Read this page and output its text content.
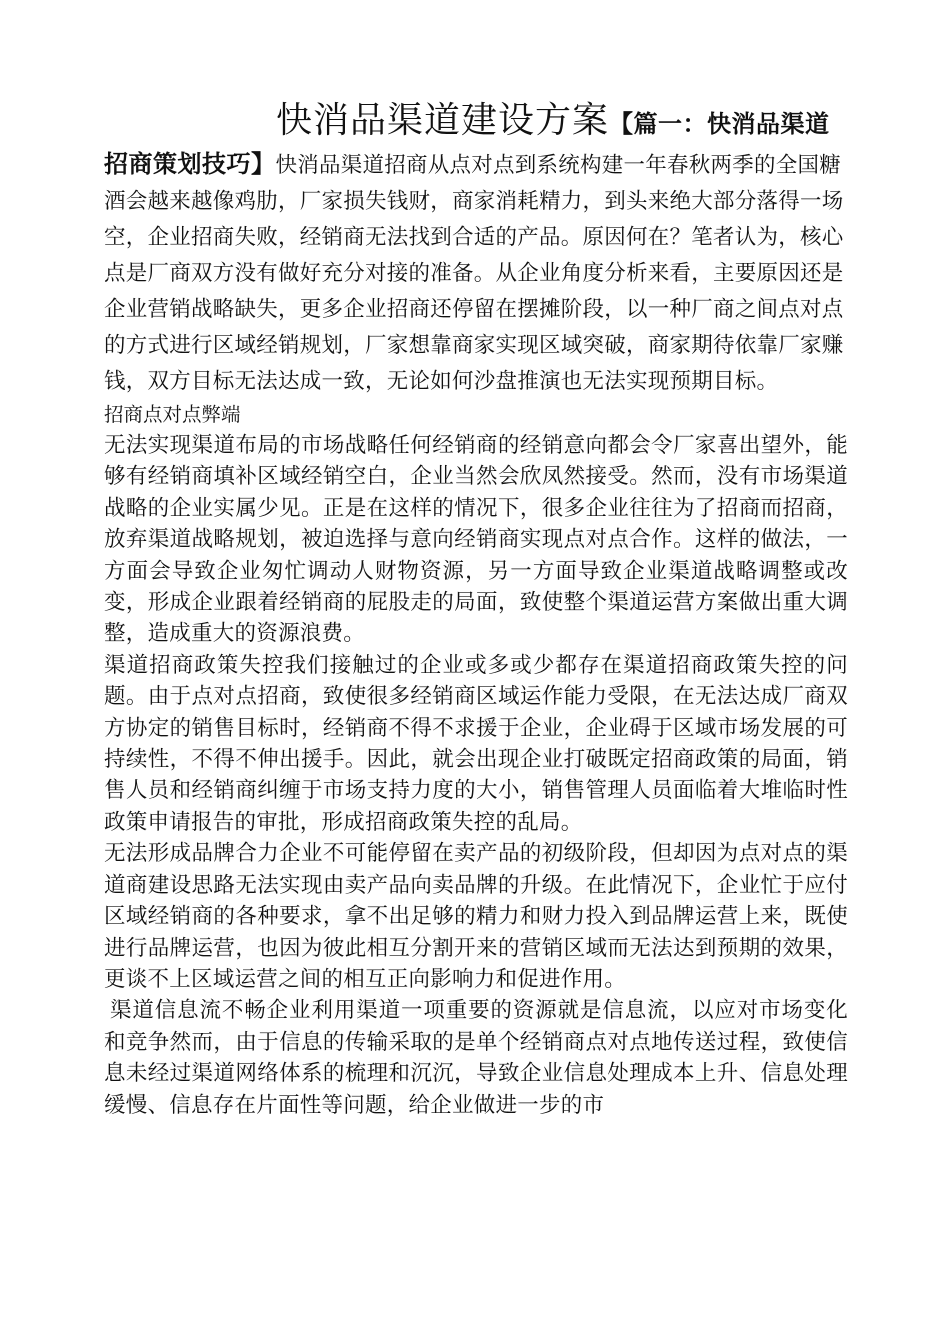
快消品渠道建设方案【篇一：快消品渠道招商策划技巧】快消品渠道招商从点对点到系统构建一年春秋两季的全国糖酒会越来越像鸡肋，厂家损失钱财，商家消耗精力，到头来绝大部分落得一场空，企业招商失败，经销商无法找到合适的产品。原因何在？笔者认为，核心点是厂商双方没有做好充分对接的准备。从企业角度分析来看，主要原因还是企业营销战略缺失，更多企业招商还停留在摆摊阶段，以一种厂商之间点对点的方式进行区域经销规划，厂家想靠商家实现区域突破，商家期待依靠厂家赚钱，双方目标无法达成一致，无论如何沙盘推演也无法实现预期目标。

招商点对点弊端

无法实现渠道布局的市场战略任何经销商的经销意向都会令厂家喜出望外，能够有经销商填补区域经销空白，企业当然会欣凤然接受。然而，没有市场渠道战略的企业实属少见。正是在这样的情况下，很多企业往往为了招商而招商，放弃渠道战略规划，被迫选择与意向经销商实现点对点合作。这样的做法，一方面会导致企业匆忙调动人财物资源，另一方面导致企业渠道战略调整或改变，形成企业跟着经销商的屁股走的局面，致使整个渠道运营方案做出重大调整，造成重大的资源浪费。

渠道招商政策失控我们接触过的企业或多或少都存在渠道招商政策失控的问题。由于点对点招商，致使很多经销商区域运作能力受限，在无法达成厂商双方协定的销售目标时，经销商不得不求援于企业，企业碍于区域市场发展的可持续性，不得不伸出援手。因此，就会出现企业打破既定招商政策的局面，销售人员和经销商纠缠于市场支持力度的大小，销售管理人员面临着大堆临时性政策申请报告的审批，形成招商政策失控的乱局。

无法形成品牌合力企业不可能停留在卖产品的初级阶段，但却因为点对点的渠道商建设思路无法实现由卖产品向卖品牌的升级。在此情况下，企业忙于应付区域经销商的各种要求，拿不出足够的精力和财力投入到品牌运营上来，既使进行品牌运营，也因为彼此相互分割开来的营销区域而无法达到预期的效果，更谈不上区域运营之间的相互正向影响力和促进作用。

渠道信息流不畅企业利用渠道一项重要的资源就是信息流，以应对市场变化和竞争然而，由于信息的传输采取的是单个经销商点对点地传送过程，致使信息未经过渠道网络体系的梳理和沉沉，导致企业信息处理成本上升、信息处理缓慢、信息存在片面性等问题，给企业做进一步的市
